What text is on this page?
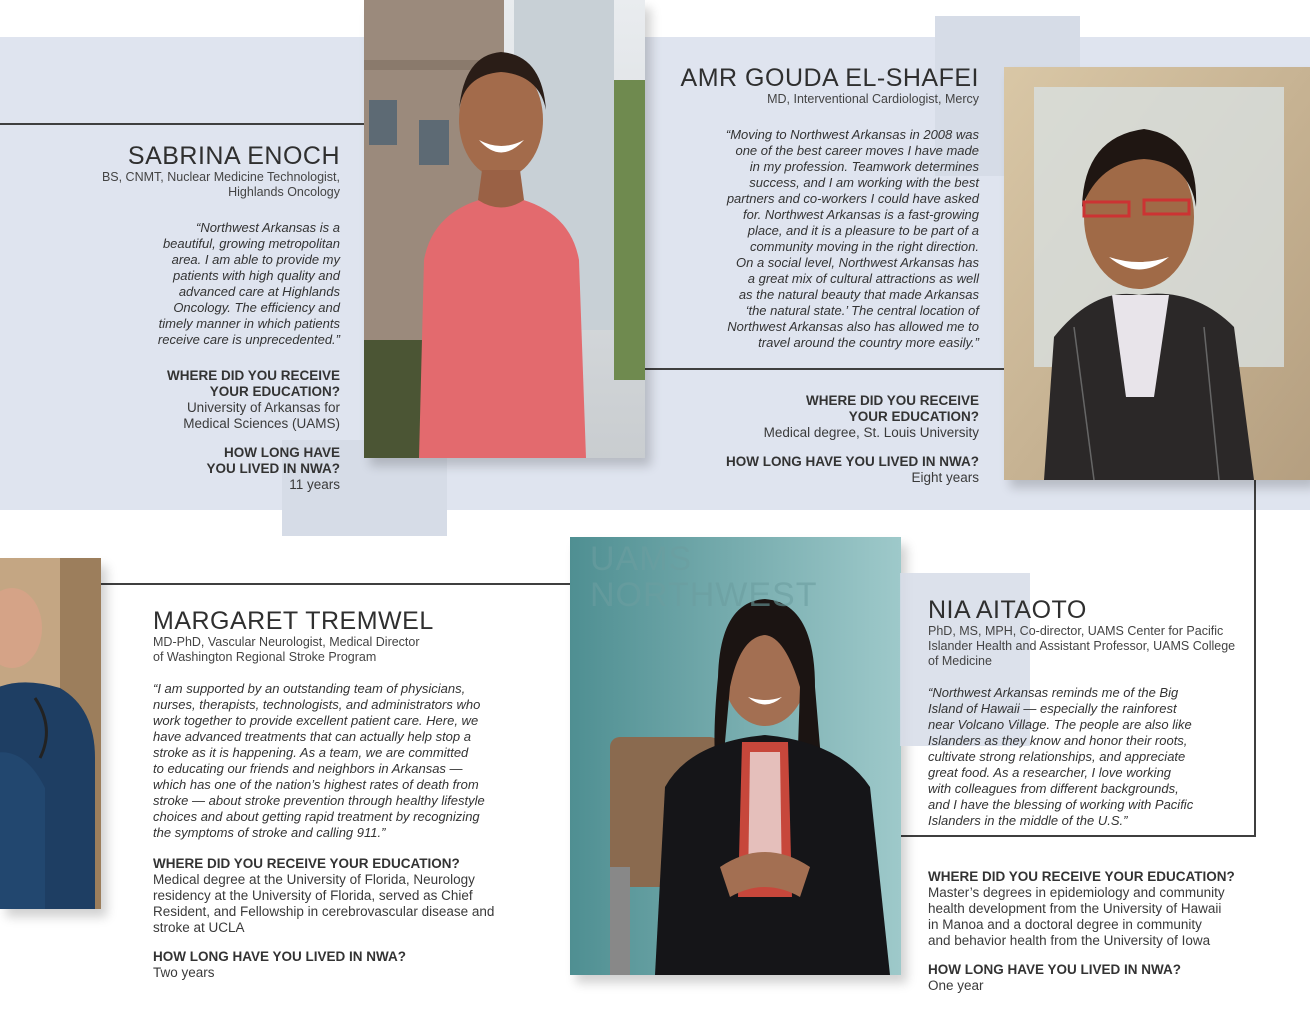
SABRINA ENOCH
BS, CNMT, Nuclear Medicine Technologist,
Highlands Oncology
“Northwest Arkansas is a
beautiful, growing metropolitan
area. I am able to provide my
patients with high quality and
advanced care at Highlands
Oncology. The efficiency and
timely manner in which patients
receive care is unprecedented.”
WHERE DID YOU RECEIVE
YOUR EDUCATION?
University of Arkansas for
Medical Sciences (UAMS)
HOW LONG HAVE
YOU LIVED IN NWA?
11 years
AMR GOUDA EL-SHAFEI
MD, Interventional Cardiologist, Mercy
“Moving to Northwest Arkansas in 2008 was
one of the best career moves I have made
in my profession. Teamwork determines
success, and I am working with the best
partners and co-workers I could have asked
for. Northwest Arkansas is a fast-growing
place, and it is a pleasure to be part of a
community moving in the right direction.
On a social level, Northwest Arkansas has
a great mix of cultural attractions as well
as the natural beauty that made Arkansas
‘the natural state.’ The central location of
Northwest Arkansas also has allowed me to
travel around the country more easily.”
WHERE DID YOU RECEIVE
YOUR EDUCATION?
Medical degree, St. Louis University
HOW LONG HAVE YOU LIVED IN NWA?
Eight years
MARGARET TREMWEL
MD-PhD, Vascular Neurologist, Medical Director
of Washington Regional Stroke Program
“I am supported by an outstanding team of physicians,
nurses, therapists, technologists, and administrators who
work together to provide excellent patient care. Here, we
have advanced treatments that can actually help stop a
stroke as it is happening. As a team, we are committed
to educating our friends and neighbors in Arkansas —
which has one of the nation’s highest rates of death from
stroke — about stroke prevention through healthy lifestyle
choices and about getting rapid treatment by recognizing
the symptoms of stroke and calling 911.”
WHERE DID YOU RECEIVE YOUR EDUCATION?
Medical degree at the University of Florida, Neurology
residency at the University of Florida, served as Chief
Resident, and Fellowship in cerebrovascular disease and
stroke at UCLA
HOW LONG HAVE YOU LIVED IN NWA?
Two years
UAMS
NORTHWEST	NIA AITAOTO
PhD, MS, MPH, Co-director, UAMS Center for Pacific
Islander Health and Assistant Professor, UAMS College
of Medicine
“Northwest Arkansas reminds me of the Big
Island of Hawaii — especially the rainforest
near Volcano Village. The people are also like
Islanders as they know and honor their roots,
cultivate strong relationships, and appreciate
great food. As a researcher, I love working
with colleagues from different backgrounds,
and I have the blessing of working with Pacific
Islanders in the middle of the U.S.”
WHERE DID YOU RECEIVE YOUR EDUCATION?
Master’s degrees in epidemiology and community
health development from the University of Hawaii
in Manoa and a doctoral degree in community
and behavior health from the University of Iowa
HOW LONG HAVE YOU LIVED IN NWA?
One year
